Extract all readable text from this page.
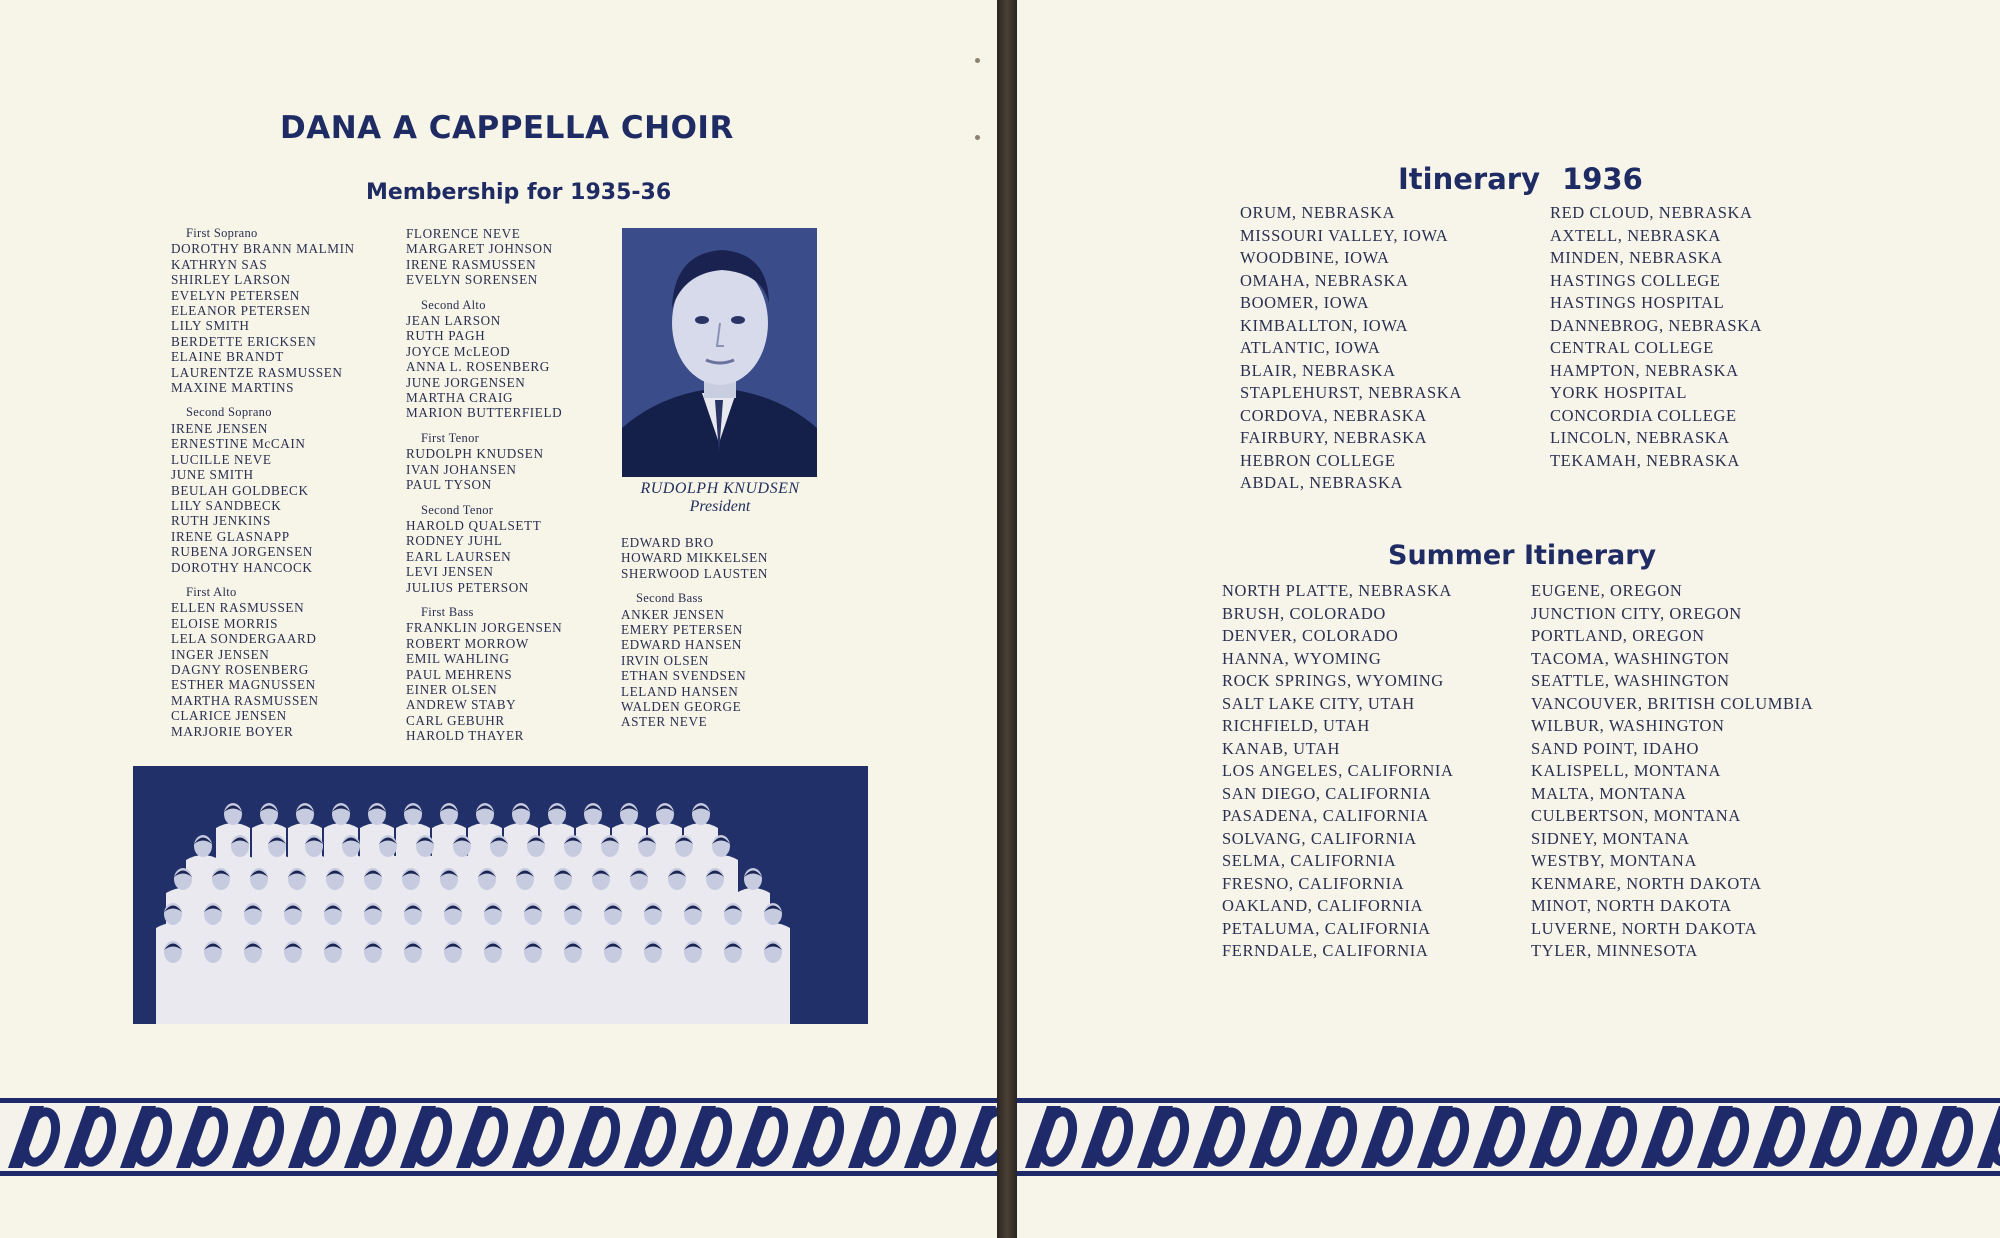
DANA A CAPPELLA CHOIR
Membership for 1935-36
First Soprano
DOROTHY BRANN MALMIN
KATHRYN SAS
SHIRLEY LARSON
EVELYN PETERSEN
ELEANOR PETERSEN
LILY SMITH
BERDETTE ERICKSEN
ELAINE BRANDT
LAURENTZE RASMUSSEN
MAXINE MARTINS
Second Soprano
IRENE JENSEN
ERNESTINE McCAIN
LUCILLE NEVE
JUNE SMITH
BEULAH GOLDBECK
LILY SANDBECK
RUTH JENKINS
IRENE GLASNAPP
RUBENA JORGENSEN
DOROTHY HANCOCK
First Alto
ELLEN RASMUSSEN
ELOISE MORRIS
LELA SONDERGAARD
INGER JENSEN
DAGNY ROSENBERG
ESTHER MAGNUSSEN
MARTHA RASMUSSEN
CLARICE JENSEN
MARJORIE BOYER
FLORENCE NEVE
MARGARET JOHNSON
IRENE RASMUSSEN
EVELYN SORENSEN
Second Alto
JEAN LARSON
RUTH PAGH
JOYCE McLEOD
ANNA L. ROSENBERG
JUNE JORGENSEN
MARTHA CRAIG
MARION BUTTERFIELD
First Tenor
RUDOLPH KNUDSEN
IVAN JOHANSEN
PAUL TYSON
Second Tenor
HAROLD QUALSETT
RODNEY JUHL
EARL LAURSEN
LEVI JENSEN
JULIUS PETERSON
First Bass
FRANKLIN JORGENSEN
ROBERT MORROW
EMIL WAHLING
PAUL MEHRENS
EINER OLSEN
ANDREW STABY
CARL GEBUHR
HAROLD THAYER
RUDOLPH KNUDSEN
President
EDWARD BRO
HOWARD MIKKELSEN
SHERWOOD LAUSTEN
Second Bass
ANKER JENSEN
EMERY PETERSEN
EDWARD HANSEN
IRVIN OLSEN
ETHAN SVENDSEN
LELAND HANSEN
WALDEN GEORGE
ASTER NEVE
Itinerary 1936
ORUM, NEBRASKA
MISSOURI VALLEY, IOWA
WOODBINE, IOWA
OMAHA, NEBRASKA
BOOMER, IOWA
KIMBALLTON, IOWA
ATLANTIC, IOWA
BLAIR, NEBRASKA
STAPLEHURST, NEBRASKA
CORDOVA, NEBRASKA
FAIRBURY, NEBRASKA
HEBRON COLLEGE
ABDAL, NEBRASKA
RED CLOUD, NEBRASKA
AXTELL, NEBRASKA
MINDEN, NEBRASKA
HASTINGS COLLEGE
HASTINGS HOSPITAL
DANNEBROG, NEBRASKA
CENTRAL COLLEGE
HAMPTON, NEBRASKA
YORK HOSPITAL
CONCORDIA COLLEGE
LINCOLN, NEBRASKA
TEKAMAH, NEBRASKA
Summer Itinerary
NORTH PLATTE, NEBRASKA
BRUSH, COLORADO
DENVER, COLORADO
HANNA, WYOMING
ROCK SPRINGS, WYOMING
SALT LAKE CITY, UTAH
RICHFIELD, UTAH
KANAB, UTAH
LOS ANGELES, CALIFORNIA
SAN DIEGO, CALIFORNIA
PASADENA, CALIFORNIA
SOLVANG, CALIFORNIA
SELMA, CALIFORNIA
FRESNO, CALIFORNIA
OAKLAND, CALIFORNIA
PETALUMA, CALIFORNIA
FERNDALE, CALIFORNIA
EUGENE, OREGON
JUNCTION CITY, OREGON
PORTLAND, OREGON
TACOMA, WASHINGTON
SEATTLE, WASHINGTON
VANCOUVER, BRITISH COLUMBIA
WILBUR, WASHINGTON
SAND POINT, IDAHO
KALISPELL, MONTANA
MALTA, MONTANA
CULBERTSON, MONTANA
SIDNEY, MONTANA
WESTBY, MONTANA
KENMARE, NORTH DAKOTA
MINOT, NORTH DAKOTA
LUVERNE, NORTH DAKOTA
TYLER, MINNESOTA
